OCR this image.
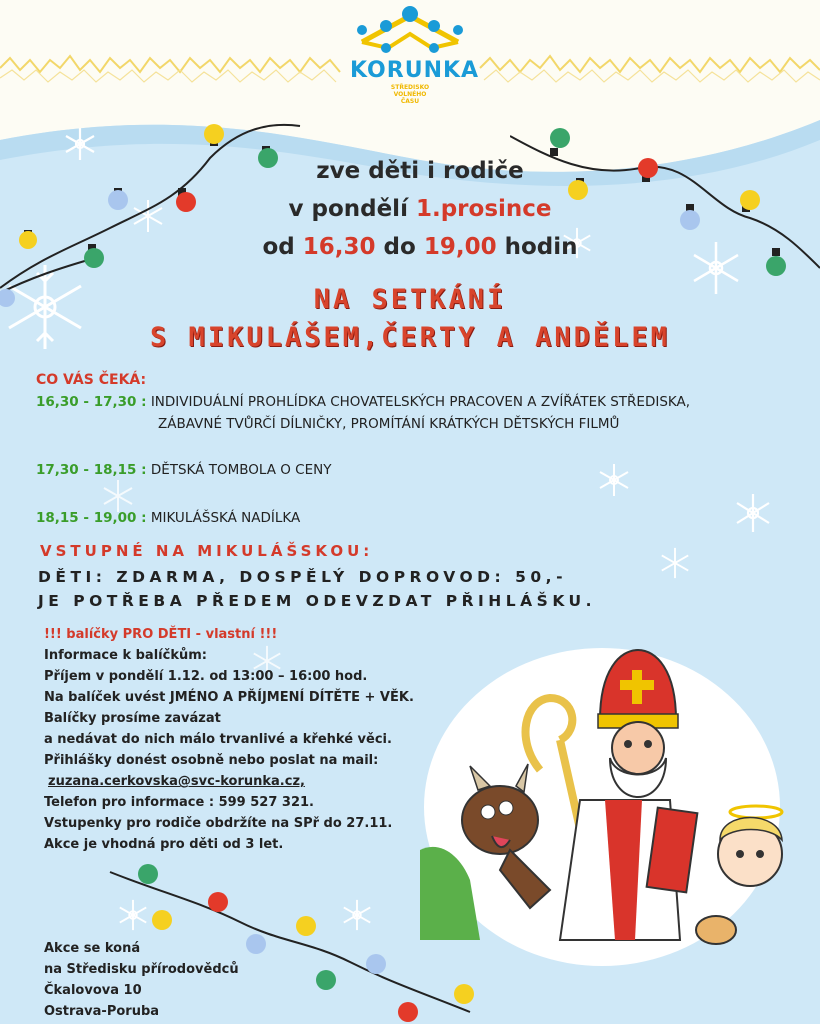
KORUNKA
STŘEDISKO VOLNÉHO
ČASU
zve děti i rodiče
v pondělí 1.prosince
od 16,30 do 19,00 hodin
NA SETKÁNÍ
S MIKULÁŠEM,ČERTY A ANDĚLEM
CO VÁS ČEKÁ:
16,30 - 17,30 : INDIVIDUÁLNÍ PROHLÍDKA CHOVATELSKÝCH PRACOVEN A ZVÍŘÁTEK STŘEDISKA,
ZÁBAVNÉ TVŮRČÍ DÍLNIČKY, PROMÍTÁNÍ KRÁTKÝCH DĚTSKÝCH FILMŮ
17,30 - 18,15 : DĚTSKÁ TOMBOLA O CENY
18,15 - 19,00 : MIKULÁŠSKÁ NADÍLKA
VSTUPNÉ NA MIKULÁŠSKOU:
DĚTI: ZDARMA, DOSPĚLÝ DOPROVOD: 50,-
JE POTŘEBA PŘEDEM ODEVZDAT PŘIHLÁŠKU.
!!! balíčky PRO DĚTI - vlastní !!!
Informace k balíčkům:
Příjem v pondělí 1.12. od 13:00 – 16:00 hod.
Na balíček uvést JMÉNO A PŘÍJMENÍ DÍTĚTE + VĚK.
Balíčky prosíme zavázat
a nedávat do nich málo trvanlivé a křehké věci.
Přihlášky donést osobně nebo poslat na mail:
zuzana.cerkovska@svc-korunka.cz,
Telefon pro informace : 599 527 321.
Vstupenky pro rodiče obdržíte na SPř do 27.11.
Akce je vhodná pro děti od 3 let.
Akce se koná
na Středisku přírodovědců
Čkalovova 10
Ostrava-Poruba
